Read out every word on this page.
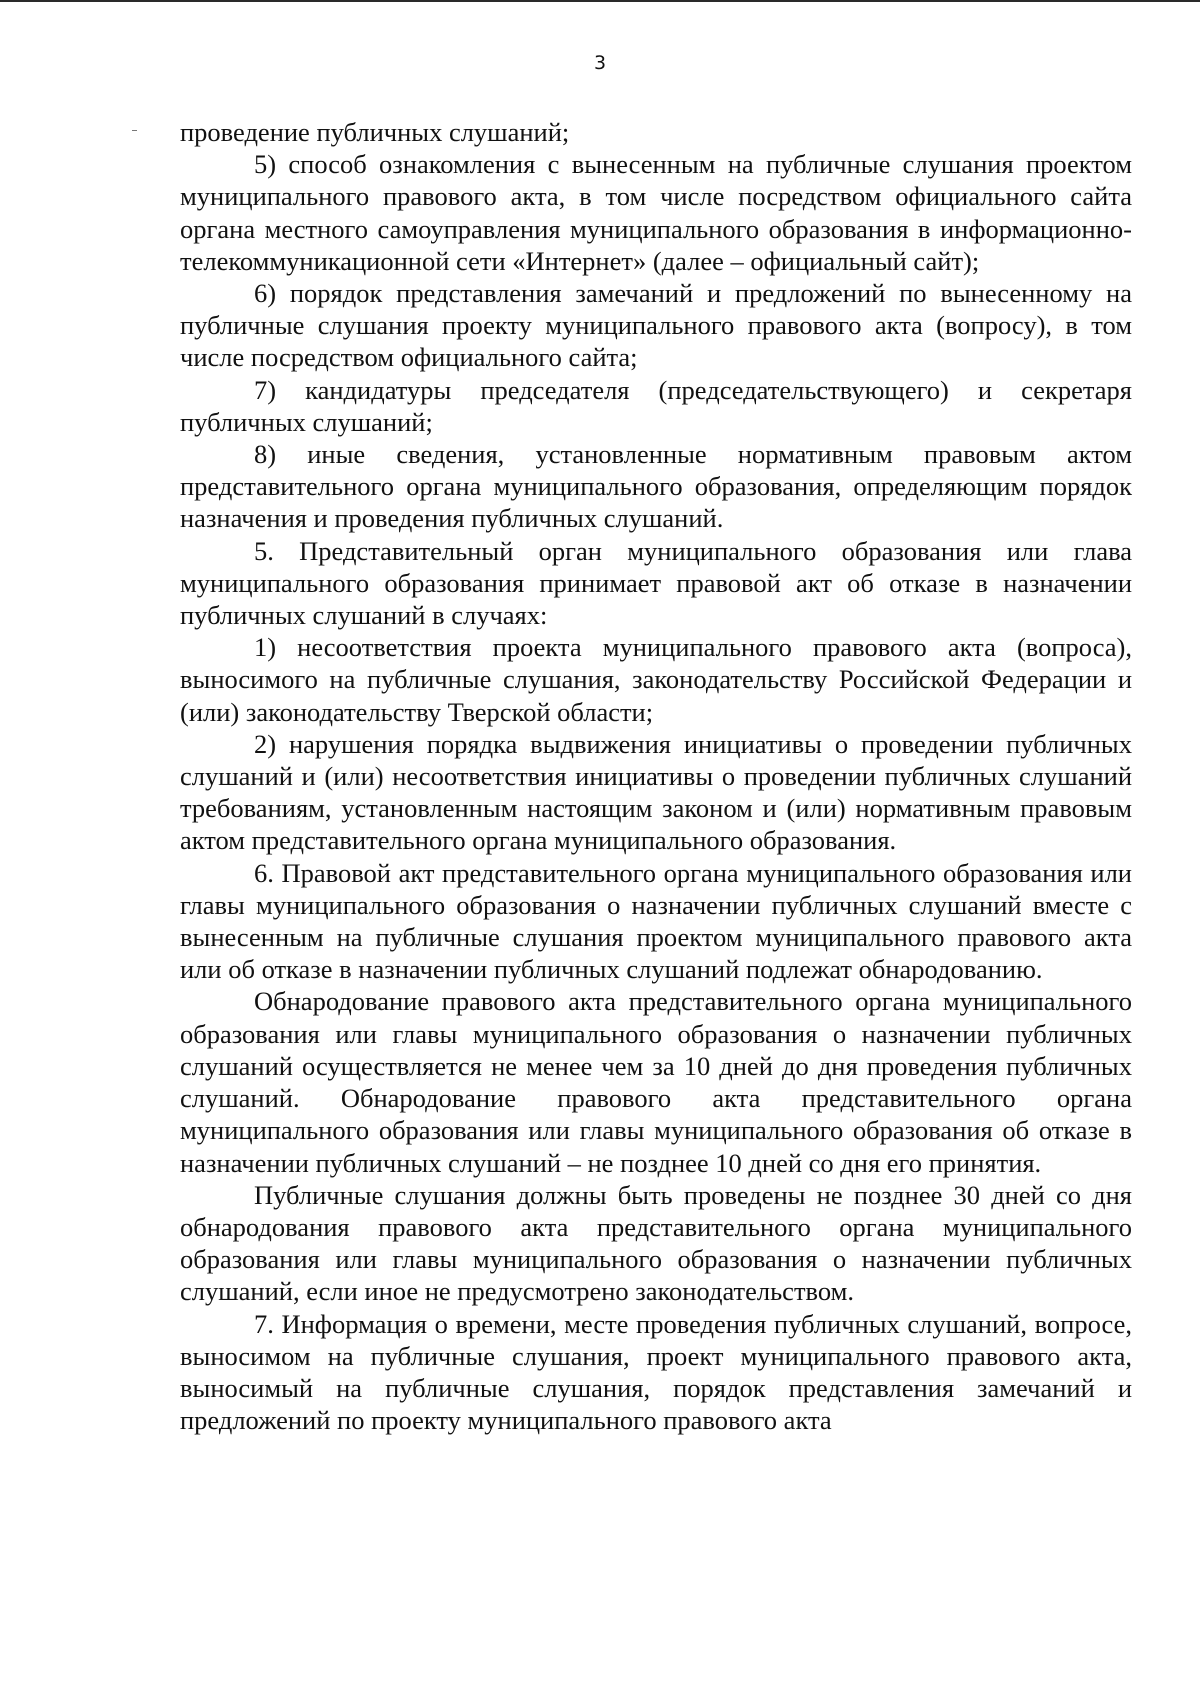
3

проведение публичных слушаний;

5) способ ознакомления с вынесенным на публичные слушания проектом муниципального правового акта, в том числе посредством официального сайта органа местного самоуправления муниципального образования в информационно-телекоммуникационной сети «Интернет» (далее – официальный сайт);

6) порядок представления замечаний и предложений по вынесенному на публичные слушания проекту муниципального правового акта (вопросу), в том числе посредством официального сайта;

7) кандидатуры председателя (председательствующего) и секретаря публичных слушаний;

8) иные сведения, установленные нормативным правовым актом представительного органа муниципального образования, определяющим порядок назначения и проведения публичных слушаний.

5. Представительный орган муниципального образования или глава муниципального образования принимает правовой акт об отказе в назначении публичных слушаний в случаях:

1) несоответствия проекта муниципального правового акта (вопроса), выносимого на публичные слушания, законодательству Российской Федерации и (или) законодательству Тверской области;

2) нарушения порядка выдвижения инициативы о проведении публичных слушаний и (или) несоответствия инициативы о проведении публичных слушаний требованиям, установленным настоящим законом и (или) нормативным правовым актом представительного органа муниципального образования.

6. Правовой акт представительного органа муниципального образования или главы муниципального образования о назначении публичных слушаний вместе с вынесенным на публичные слушания проектом муниципального правового акта или об отказе в назначении публичных слушаний подлежат обнародованию.

Обнародование правового акта представительного органа муниципального образования или главы муниципального образования о назначении публичных слушаний осуществляется не менее чем за 10 дней до дня проведения публичных слушаний. Обнародование правового акта представительного органа муниципального образования или главы муниципального образования об отказе в назначении публичных слушаний – не позднее 10 дней со дня его принятия.

Публичные слушания должны быть проведены не позднее 30 дней со дня обнародования правового акта представительного органа муниципального образования или главы муниципального образования о назначении публичных слушаний, если иное не предусмотрено законодательством.

7. Информация о времени, месте проведения публичных слушаний, вопросе, выносимом на публичные слушания, проект муниципального правового акта, выносимый на публичные слушания, порядок представления замечаний и предложений по проекту муниципального правового акта
